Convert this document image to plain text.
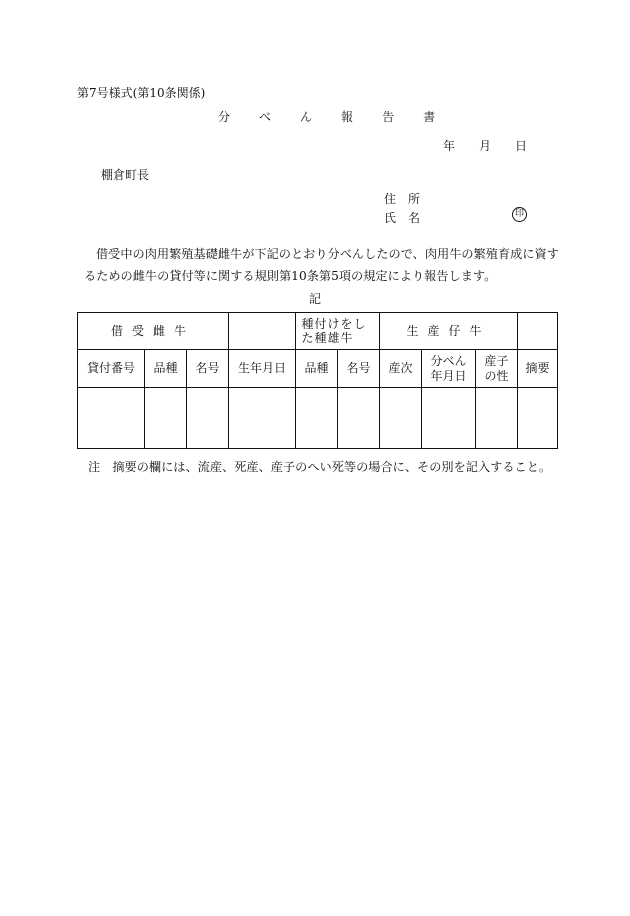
第7号様式(第10条関係)
分 べ ん 報 告 書
年 月 日
棚倉町長
住　所
氏　名	印
借受中の肉用繁殖基礎雌牛が下記のとおり分べんしたので、肉用牛の繁殖育成に資するための雌牛の貸付等に関する規則第10条第5項の規定により報告します。
記
借受雌牛				種付けをした種雄牛		生産仔牛			
貸付番号	品種	名号	生年月日	品種	名号	産次	分べん年月日	産子の性	摘要

注　摘要の欄には、流産、死産、産子のへい死等の場合に、その別を記入すること。
